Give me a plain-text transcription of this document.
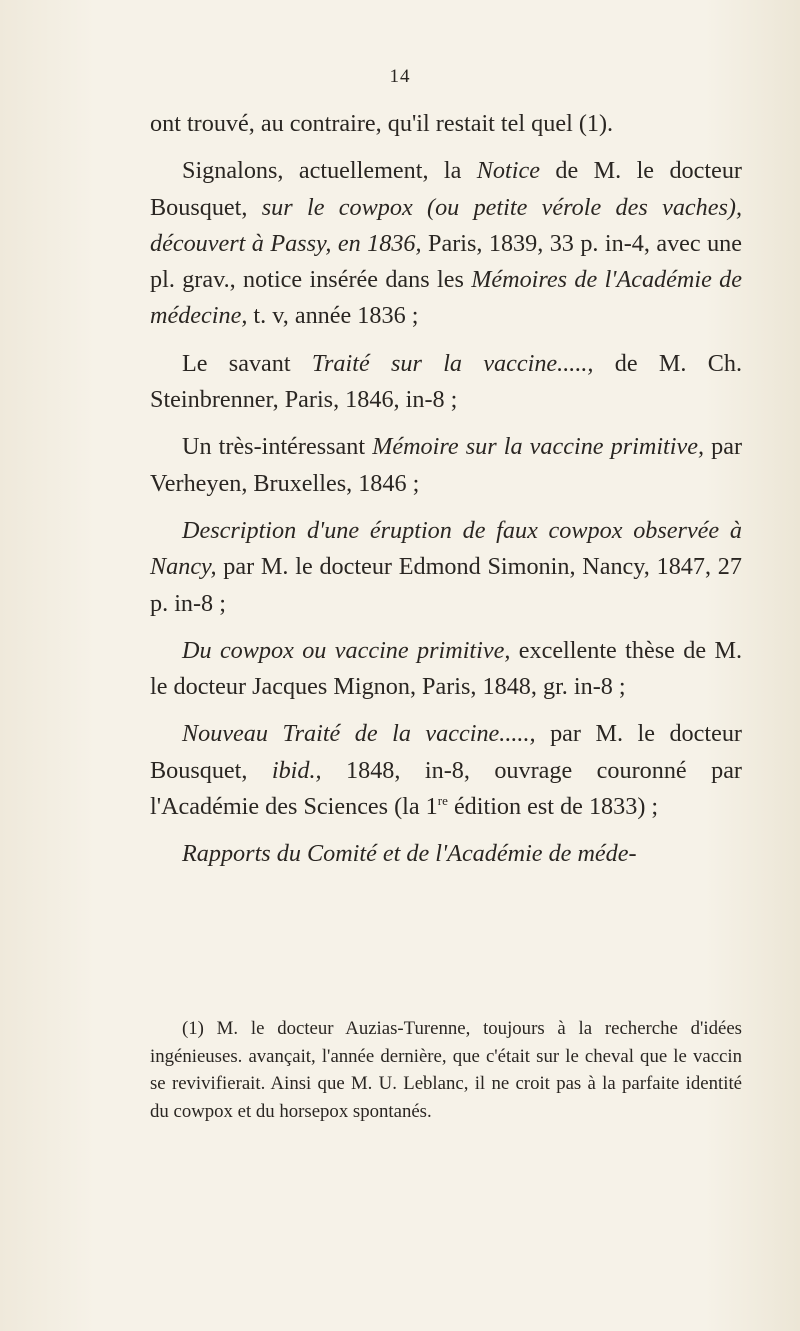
14

ont trouvé, au contraire, qu'il restait tel quel (1).

Signalons, actuellement, la Notice de M. le docteur Bousquet, sur le cowpox (ou petite vérole des vaches), découvert à Passy, en 1836, Paris, 1839, 33 p. in-4, avec une pl. grav., notice insérée dans les Mémoires de l'Académie de médecine, t. v, année 1836 ;

Le savant Traité sur la vaccine....., de M. Ch. Steinbrenner, Paris, 1846, in-8 ;

Un très-intéressant Mémoire sur la vaccine primitive, par Verheyen, Bruxelles, 1846 ;

Description d'une éruption de faux cowpox observée à Nancy, par M. le docteur Edmond Simonin, Nancy, 1847, 27 p. in-8 ;

Du cowpox ou vaccine primitive, excellente thèse de M. le docteur Jacques Mignon, Paris, 1848, gr. in-8 ;

Nouveau Traité de la vaccine....., par M. le docteur Bousquet, ibid., 1848, in-8, ouvrage couronné par l'Académie des Sciences (la 1re édition est de 1833) ;

Rapports du Comité et de l'Académie de méde-

(1) M. le docteur Auzias-Turenne, toujours à la recherche d'idées ingénieuses. avançait, l'année dernière, que c'était sur le cheval que le vaccin se revivifierait. Ainsi que M. U. Leblanc, il ne croit pas à la parfaite identité du cowpox et du horsepox spontanés.
